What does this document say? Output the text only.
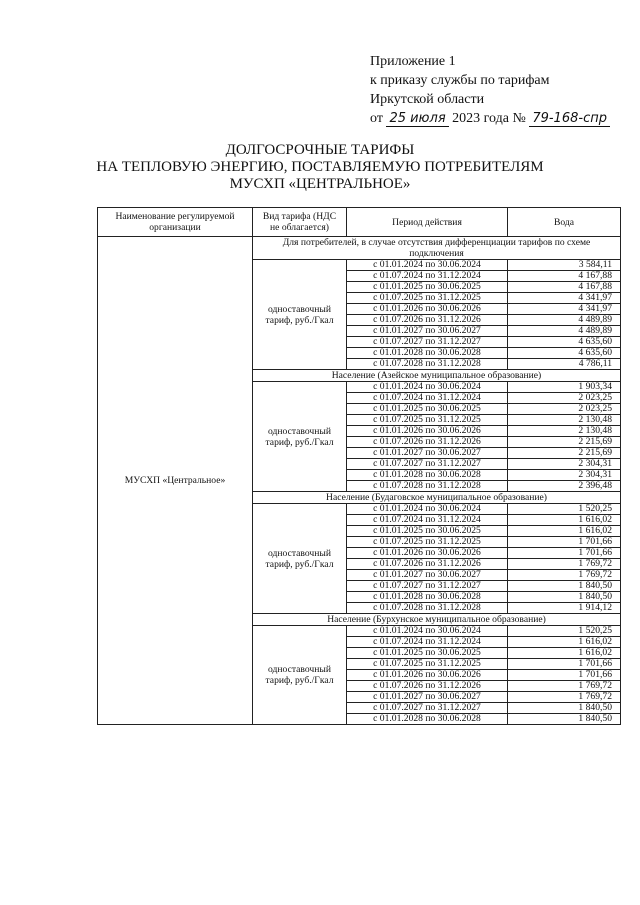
Приложение 1
к приказу службы по тарифам
Иркутской области
от 25 июля 2023 года № 79-168-спр
ДОЛГОСРОЧНЫЕ ТАРИФЫ
НА ТЕПЛОВУЮ ЭНЕРГИЮ, ПОСТАВЛЯЕМУЮ ПОТРЕБИТЕЛЯМ
МУСХП «ЦЕНТРАЛЬНОЕ»
Наименование регулируемой организации	Вид тарифа (НДС не облагается)	Период действия	Вода
МУСХП «Центральное»	Для потребителей, в случае отсутствия дифференциации тарифов по схеме подключения		
	одноставочный тариф, руб./Гкал	с 01.01.2024 по 30.06.2024	3 584,11
		с 01.07.2024 по 31.12.2024	4 167,88
		с 01.01.2025 по 30.06.2025	4 167,88
		с 01.07.2025 по 31.12.2025	4 341,97
		с 01.01.2026 по 30.06.2026	4 341,97
		с 01.07.2026 по 31.12.2026	4 489,89
		с 01.01.2027 по 30.06.2027	4 489,89
		с 01.07.2027 по 31.12.2027	4 635,60
		с 01.01.2028 по 30.06.2028	4 635,60
		с 01.07.2028 по 31.12.2028	4 786,11
	Население (Азейское муниципальное образование)		
	одноставочный тариф, руб./Гкал	с 01.01.2024 по 30.06.2024	1 903,34
		с 01.07.2024 по 31.12.2024	2 023,25
		с 01.01.2025 по 30.06.2025	2 023,25
		с 01.07.2025 по 31.12.2025	2 130,48
		с 01.01.2026 по 30.06.2026	2 130,48
		с 01.07.2026 по 31.12.2026	2 215,69
		с 01.01.2027 по 30.06.2027	2 215,69
		с 01.07.2027 по 31.12.2027	2 304,31
		с 01.01.2028 по 30.06.2028	2 304,31
		с 01.07.2028 по 31.12.2028	2 396,48
	Население (Будаговское муниципальное образование)		
	одноставочный тариф, руб./Гкал	с 01.01.2024 по 30.06.2024	1 520,25
		с 01.07.2024 по 31.12.2024	1 616,02
		с 01.01.2025 по 30.06.2025	1 616,02
		с 01.07.2025 по 31.12.2025	1 701,66
		с 01.01.2026 по 30.06.2026	1 701,66
		с 01.07.2026 по 31.12.2026	1 769,72
		с 01.01.2027 по 30.06.2027	1 769,72
		с 01.07.2027 по 31.12.2027	1 840,50
		с 01.01.2028 по 30.06.2028	1 840,50
		с 01.07.2028 по 31.12.2028	1 914,12
	Население (Бурхунское муниципальное образование)		
	одноставочный тариф, руб./Гкал	с 01.01.2024 по 30.06.2024	1 520,25
		с 01.07.2024 по 31.12.2024	1 616,02
		с 01.01.2025 по 30.06.2025	1 616,02
		с 01.07.2025 по 31.12.2025	1 701,66
		с 01.01.2026 по 30.06.2026	1 701,66
		с 01.07.2026 по 31.12.2026	1 769,72
		с 01.01.2027 по 30.06.2027	1 769,72
		с 01.07.2027 по 31.12.2027	1 840,50
		с 01.01.2028 по 30.06.2028	1 840,50
